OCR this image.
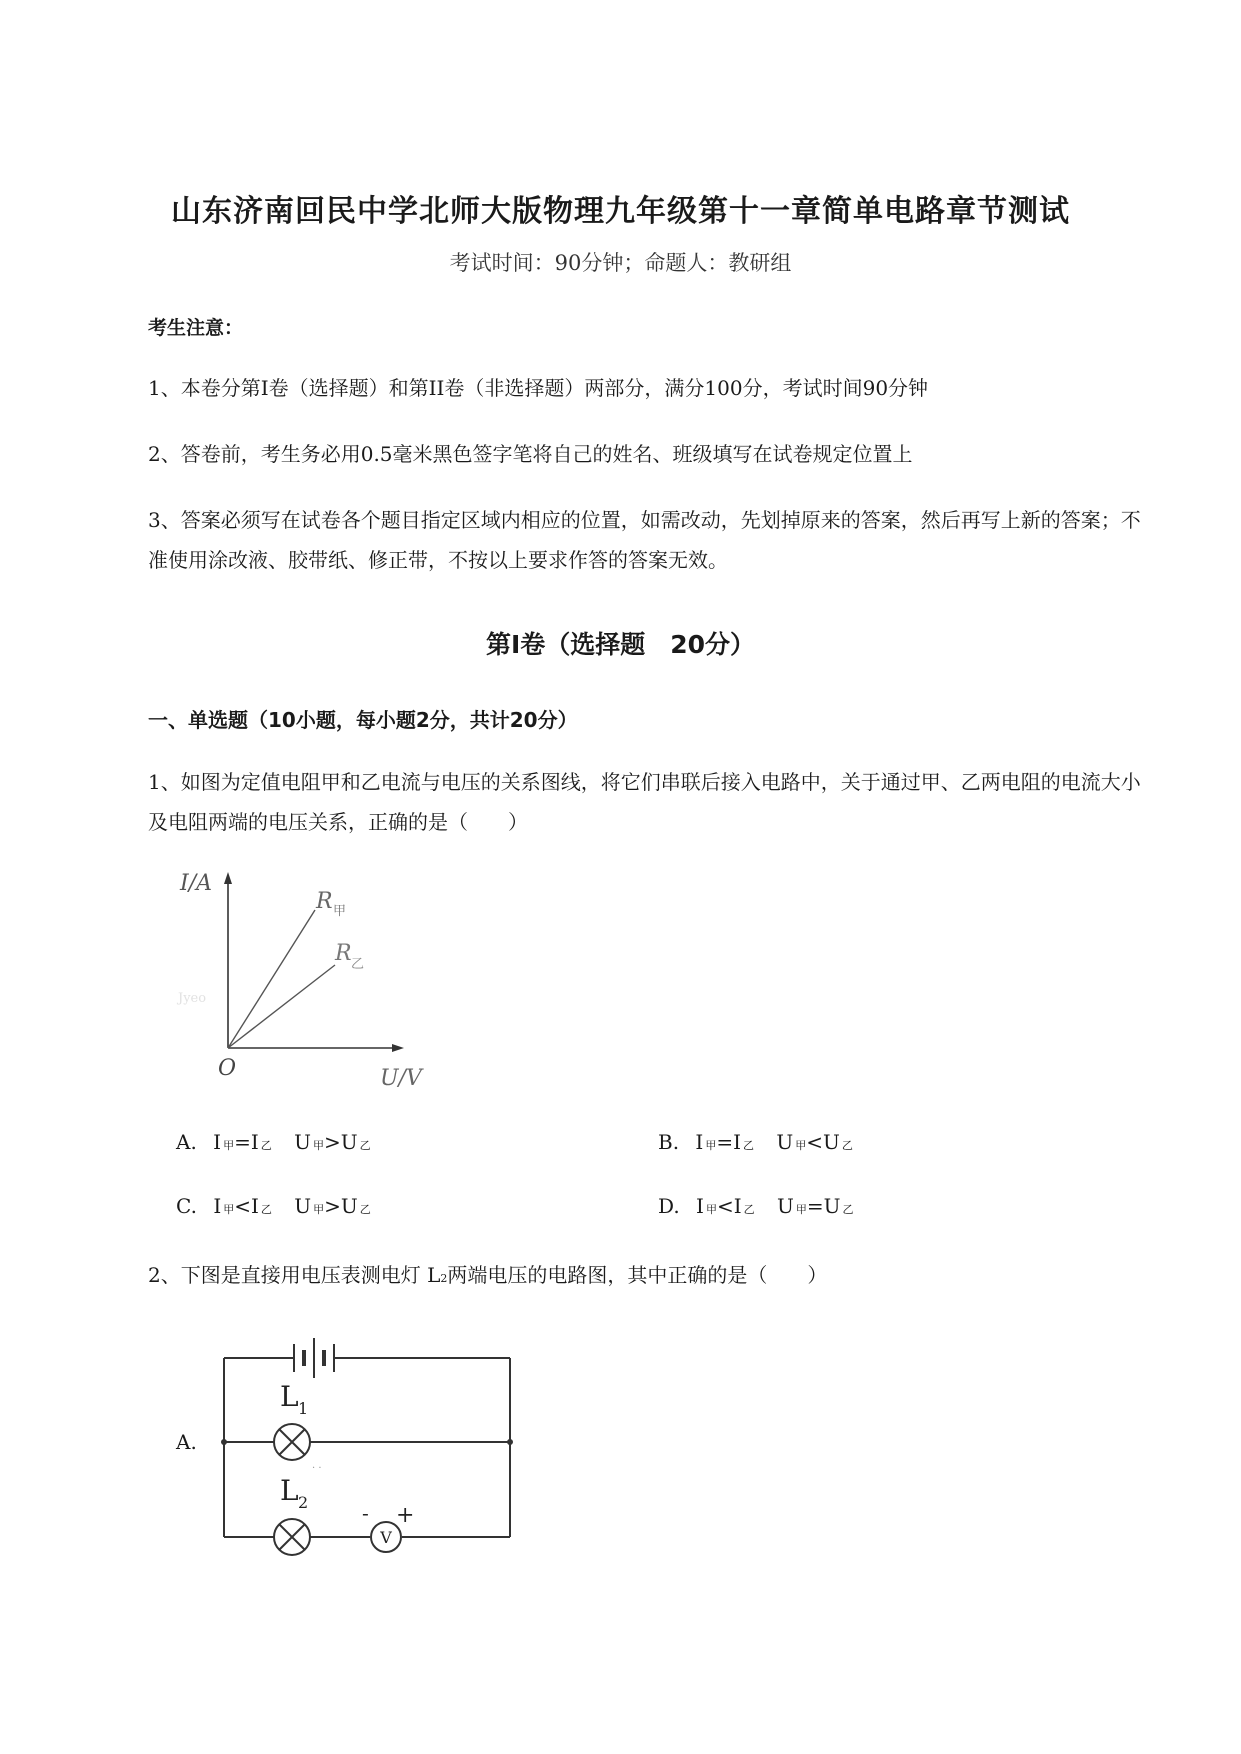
山东济南回民中学北师大版物理九年级第十一章简单电路章节测试
考试时间：90分钟；命题人：教研组
考生注意：
1、本卷分第I卷（选择题）和第II卷（非选择题）两部分，满分100分，考试时间90分钟
2、答卷前，考生务必用0.5毫米黑色签字笔将自己的姓名、班级填写在试卷规定位置上
3、答案必须写在试卷各个题目指定区域内相应的位置，如需改动，先划掉原来的答案，然后再写上新的答案；不准使用涂改液、胶带纸、修正带，不按以上要求作答的答案无效。
第I卷（选择题　20分）
一、单选题（10小题，每小题2分，共计20分）
1、如图为定值电阻甲和乙电流与电压的关系图线，将它们串联后接入电路中，关于通过甲、乙两电阻的电流大小及电阻两端的电压关系，正确的是（　　）
I/A
U/V
O
R 甲
R 乙
Jyeo
A. I 甲=I 乙 U 甲>U 乙	B. I 甲=I 乙 U 甲<U 乙
C. I 甲<I 乙 U 甲>U 乙	D. I 甲<I 乙 U 甲=U 乙
2、下图是直接用电压表测电灯 L2两端电压的电路图，其中正确的是（　　）
A.
L 1
· ·
L 2
V
- +
